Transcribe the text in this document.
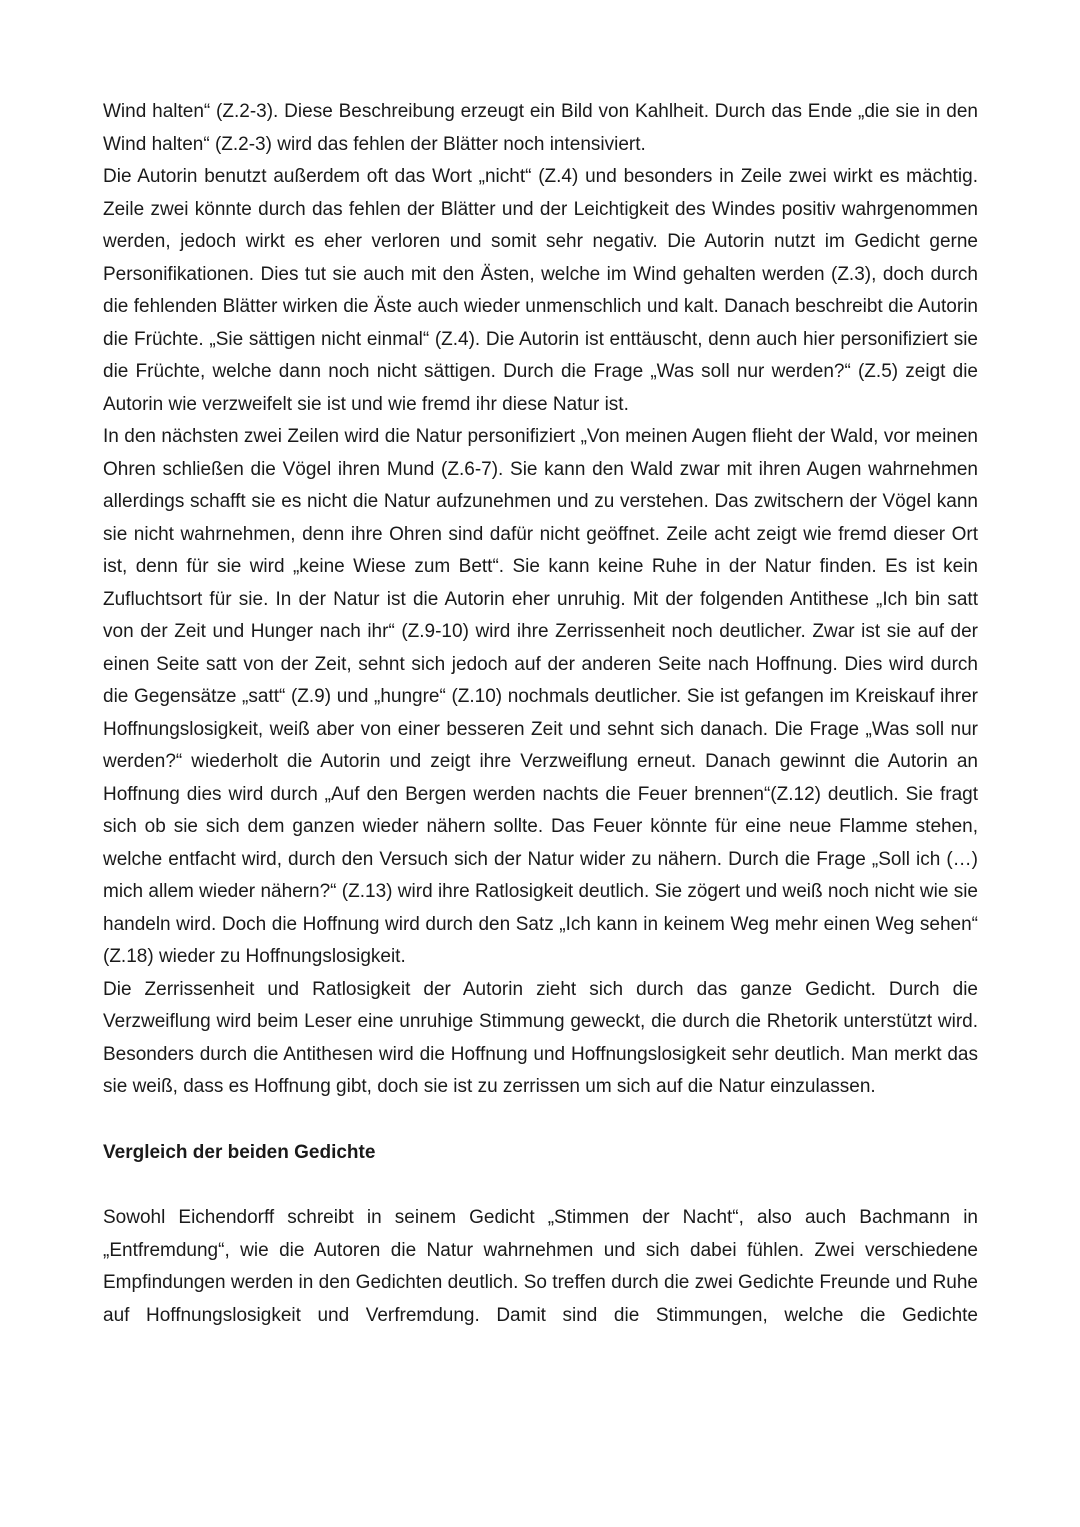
Wind halten“ (Z.2-3). Diese Beschreibung erzeugt ein Bild von Kahlheit. Durch das Ende „die sie in den Wind halten“ (Z.2-3) wird das fehlen der Blätter noch intensiviert.

Die Autorin benutzt außerdem oft das Wort „nicht“ (Z.4) und besonders in Zeile zwei wirkt es mächtig. Zeile zwei könnte durch das fehlen der Blätter und der Leichtigkeit des Windes positiv wahrgenommen werden, jedoch wirkt es eher verloren und somit sehr negativ. Die Autorin nutzt im Gedicht gerne Personifikationen. Dies tut sie auch mit den Ästen, welche im Wind gehalten werden (Z.3), doch durch die fehlenden Blätter wirken die Äste auch wieder unmenschlich und kalt. Danach beschreibt die Autorin die Früchte. „Sie sättigen nicht einmal“ (Z.4). Die Autorin ist enttäuscht, denn auch hier personifiziert sie die Früchte, welche dann noch nicht sättigen. Durch die Frage „Was soll nur werden?“ (Z.5) zeigt die Autorin wie verzweifelt sie ist und wie fremd ihr diese Natur ist.

In den nächsten zwei Zeilen wird die Natur personifiziert „Von meinen Augen flieht der Wald, vor meinen Ohren schließen die Vögel ihren Mund (Z.6-7). Sie kann den Wald zwar mit ihren Augen wahrnehmen allerdings schafft sie es nicht die Natur aufzunehmen und zu verstehen. Das zwitschern der Vögel kann sie nicht wahrnehmen, denn ihre Ohren sind dafür nicht geöffnet. Zeile acht zeigt wie fremd dieser Ort ist, denn für sie wird „keine Wiese zum Bett“. Sie kann keine Ruhe in der Natur finden. Es ist kein Zufluchtsort für sie. In der Natur ist die Autorin eher unruhig. Mit der folgenden Antithese „Ich bin satt von der Zeit und Hunger nach ihr“ (Z.9-10) wird ihre Zerrissenheit noch deutlicher. Zwar ist sie auf der einen Seite satt von der Zeit, sehnt sich jedoch auf der anderen Seite nach Hoffnung. Dies wird durch die Gegensätze „satt“ (Z.9) und „hungre“ (Z.10) nochmals deutlicher. Sie ist gefangen im Kreiskauf ihrer Hoffnungslosigkeit, weiß aber von einer besseren Zeit und sehnt sich danach. Die Frage „Was soll nur werden?“ wiederholt die Autorin und zeigt ihre Verzweiflung erneut. Danach gewinnt die Autorin an Hoffnung dies wird durch „Auf den Bergen werden nachts die Feuer brennen“(Z.12) deutlich. Sie fragt sich ob sie sich dem ganzen wieder nähern sollte. Das Feuer könnte für eine neue Flamme stehen, welche entfacht wird, durch den Versuch sich der Natur wider zu nähern. Durch die Frage „Soll ich (…) mich allem wieder nähern?“ (Z.13) wird ihre Ratlosigkeit deutlich. Sie zögert und weiß noch nicht wie sie handeln wird. Doch die Hoffnung wird durch den Satz „Ich kann in keinem Weg mehr einen Weg sehen“ (Z.18) wieder zu Hoffnungslosigkeit.

Die Zerrissenheit und Ratlosigkeit der Autorin zieht sich durch das ganze Gedicht. Durch die Verzweiflung wird beim Leser eine unruhige Stimmung geweckt, die durch die Rhetorik unterstützt wird. Besonders durch die Antithesen wird die Hoffnung und Hoffnungslosigkeit sehr deutlich. Man merkt das sie weiß, dass es Hoffnung gibt, doch sie ist zu zerrissen um sich auf die Natur einzulassen.

Vergleich der beiden Gedichte

Sowohl Eichendorff schreibt in seinem Gedicht „Stimmen der Nacht“, also auch Bachmann in „Entfremdung“, wie die Autoren die Natur wahrnehmen und sich dabei fühlen. Zwei verschiedene Empfindungen werden in den Gedichten deutlich. So treffen durch die zwei Gedichte Freunde und Ruhe auf Hoffnungslosigkeit und Verfremdung. Damit sind die Stimmungen, welche die Gedichte
